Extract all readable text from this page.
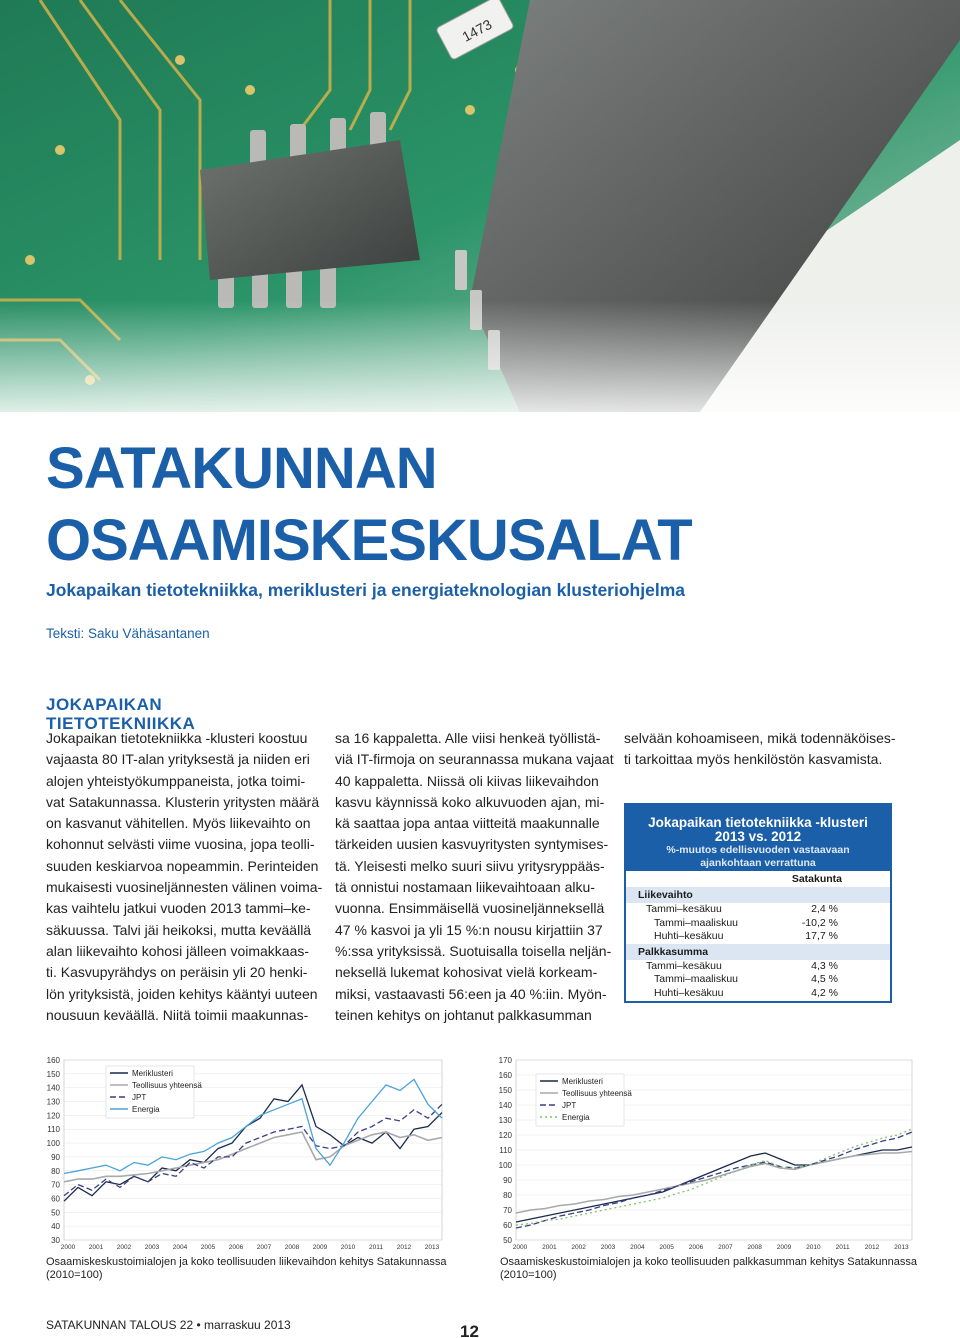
1473
SATAKUNNAN
OSAAMISKESKUSALAT
Jokapaikan tietotekniikka, meriklusteri ja energiateknologian klusteriohjelma
Teksti: Saku Vähäsantanen
JOKAPAIKAN
TIETOTEKNIIKKA
Jokapaikan tietotekniikka -klusteri koostuu
vajaasta 80 IT-alan yrityksestä ja niiden eri
alojen yhteistyökumppaneista, jotka toimi-
vat Satakunnassa. Klusterin yritysten määrä
on kasvanut vähitellen. Myös liikevaihto on
kohonnut selvästi viime vuosina, jopa teolli-
suuden keskiarvoa nopeammin. Perinteiden
mukaisesti vuosineljännesten välinen voima-
kas vaihtelu jatkui vuoden 2013 tammi–ke-
säkuussa. Talvi jäi heikoksi, mutta keväällä
alan liikevaihto kohosi jälleen voimakkaas-
ti. Kasvupyrähdys on peräisin yli 20 henki-
lön yrityksistä, joiden kehitys kääntyi uuteen
nousuun keväällä. Niitä toimii maakunnas-
sa 16 kappaletta. Alle viisi henkeä työllistä-
viä IT-firmoja on seurannassa mukana vajaat
40 kappaletta. Niissä oli kiivas liikevaihdon
kasvu käynnissä koko alkuvuoden ajan, mi-
kä saattaa jopa antaa viitteitä maakunnalle
tärkeiden uusien kasvuyritysten syntymises-
tä. Yleisesti melko suuri siivu yritysryppääs-
tä onnistui nostamaan liikevaihtoaan alku-
vuonna. Ensimmäisellä vuosineljänneksellä
47 % kasvoi ja yli 15 %:n nousu kirjattiin 37
%:ssa yrityksissä. Suotuisalla toisella neljän-
neksellä lukemat kohosivat vielä korkeam-
miksi, vastaavasti 56:een ja 40 %:iin. Myön-
teinen kehitys on johtanut palkkasumman
selvään kohoamiseen, mikä todennäköises-
ti tarkoittaa myös henkilöstön kasvamista.
Jokapaikan tietotekniikka -klusteri
2013 vs. 2012
%-muutos edellisvuoden vastaavaan
ajankohtaan verrattuna
Satakunta
Liikevaihto
Tammi–kesäkuu	2,4 %
Tammi–maaliskuu	-10,2 %
Huhti–kesäkuu	17,7 %
Palkkasumma
Tammi–kesäkuu	4,3 %
Tammi–maaliskuu	4,5 %
Huhti–kesäkuu	4,2 %
30
40
50
60
70
80
90
100
110
120
130
140
150
160
2000 2001 2002 2003 2004 2005 2006 2007 2008 2009 2010 2011 2012 2013
Meriklusteri
Teollisuus yhteensä
JPT
Energia
Osaamiskeskustoimialojen ja koko teollisuuden liikevaihdon kehitys Satakunnassa
(2010=100)
50
60
70
80
90
100
110
120
130
140
150
160
170
2000 2001 2002 2003 2004 2005 2006 2007 2008 2009 2010 2011 2012 2013
Meriklusteri
Teollisuus yhteensä
JPT
Energia
Osaamiskeskustoimialojen ja koko teollisuuden palkkasumman kehitys Satakunnassa
(2010=100)
SATAKUNNAN TALOUS 22 • marraskuu 2013	12
